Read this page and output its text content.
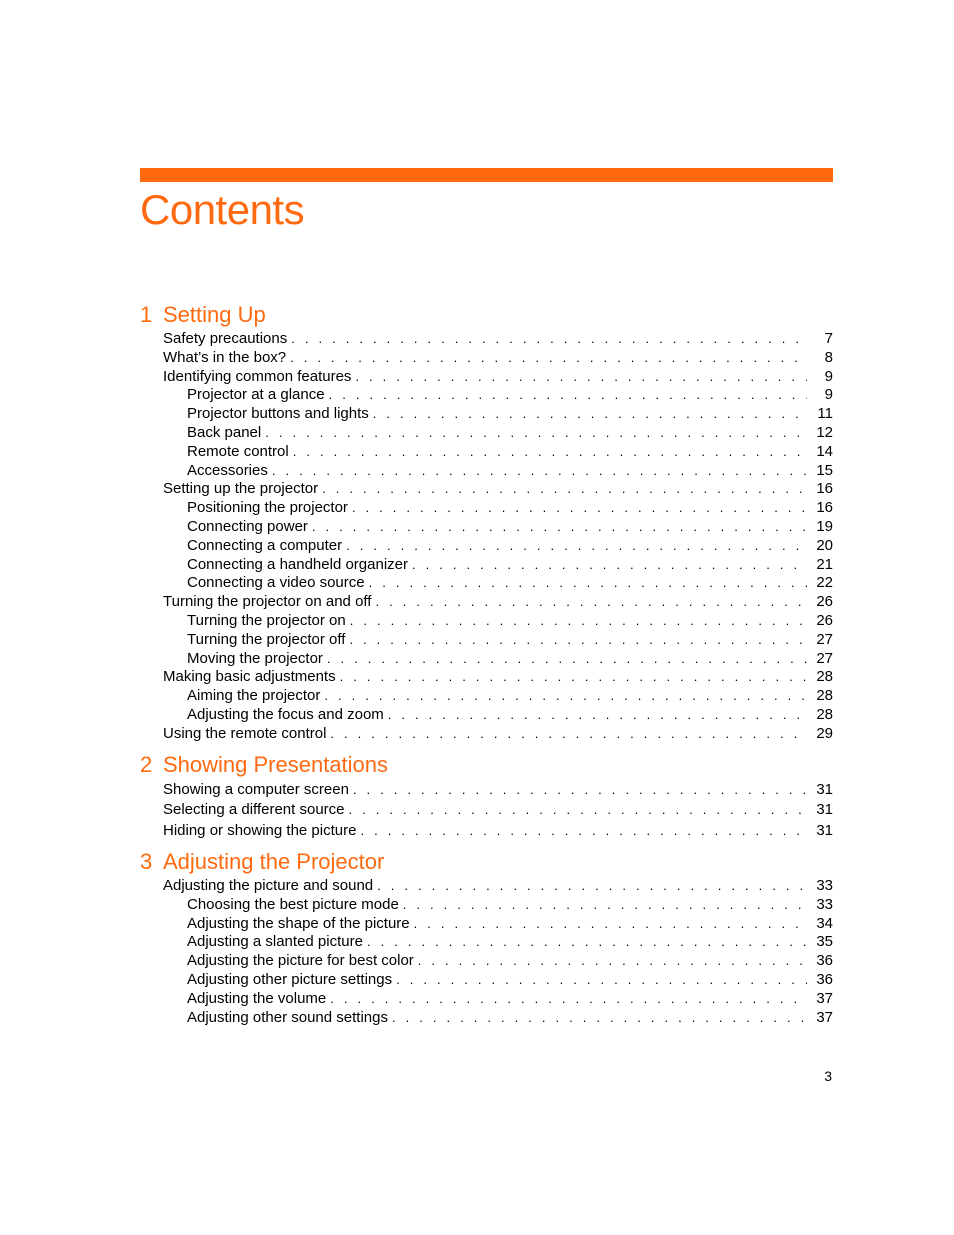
Contents
1 Setting Up
Safety precautions . . .	7
What’s in the box? . . .	8
Identifying common features . . .	9
Projector at a glance . . .	9
Projector buttons and lights . . .	11
Back panel . . .	12
Remote control . . .	14
Accessories . . .	15
Setting up the projector . . .	16
Positioning the projector . . .	16
Connecting power . . .	19
Connecting a computer . . .	20
Connecting a handheld organizer . . .	21
Connecting a video source . . .	22
Turning the projector on and off . . .	26
Turning the projector on . . .	26
Turning the projector off . . .	27
Moving the projector . . .	27
Making basic adjustments . . .	28
Aiming the projector . . .	28
Adjusting the focus and zoom . . .	28
Using the remote control . . .	29
2 Showing Presentations
Showing a computer screen . . .	31
Selecting a different source . . .	31
Hiding or showing the picture . . .	31
3 Adjusting the Projector
Adjusting the picture and sound . . .	33
Choosing the best picture mode . . .	33
Adjusting the shape of the picture . . .	34
Adjusting a slanted picture . . .	35
Adjusting the picture for best color . . .	36
Adjusting other picture settings . . .	36
Adjusting the volume . . .	37
Adjusting other sound settings . . .	37
3
